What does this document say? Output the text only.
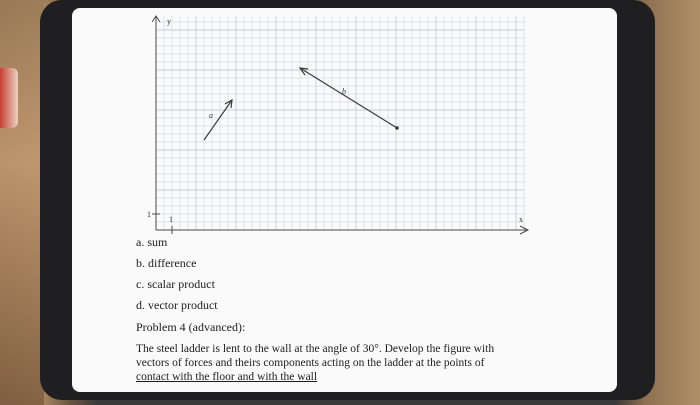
y
x
1
1
a
b
a. sum
b. difference
c. scalar product
d. vector product
Problem 4 (advanced):
The steel ladder is lent to the wall at the angle of 30°. Develop the figure with
vectors of forces and theirs components acting on the ladder at the points of
contact with the floor and with the wall
